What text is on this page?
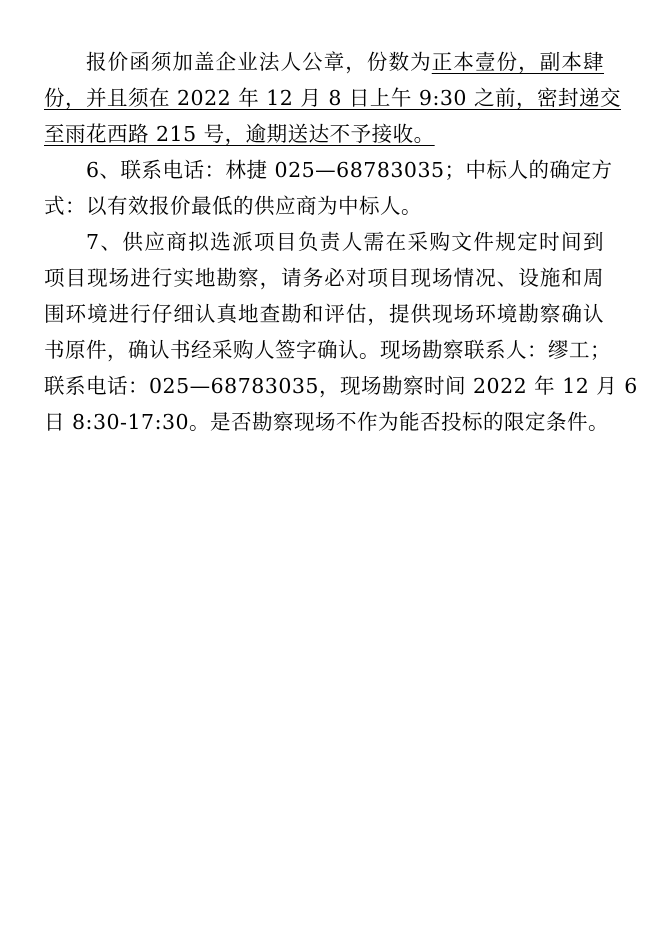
报价函须加盖企业法人公章，份数为正本壹份，副本肆
份，并且须在 2022 年 12 月 8 日上午 9:30 之前，密封递交
至雨花西路 215 号，逾期送达不予接收。
6、联系电话：林捷 025—68783035；中标人的确定方
式：以有效报价最低的供应商为中标人。
7、供应商拟选派项目负责人需在采购文件规定时间到
项目现场进行实地勘察，请务必对项目现场情况、设施和周
围环境进行仔细认真地查勘和评估，提供现场环境勘察确认
书原件，确认书经采购人签字确认。现场勘察联系人：缪工；
联系电话：025—68783035，现场勘察时间 2022 年 12 月 6
日 8:30-17:30。是否勘察现场不作为能否投标的限定条件。
